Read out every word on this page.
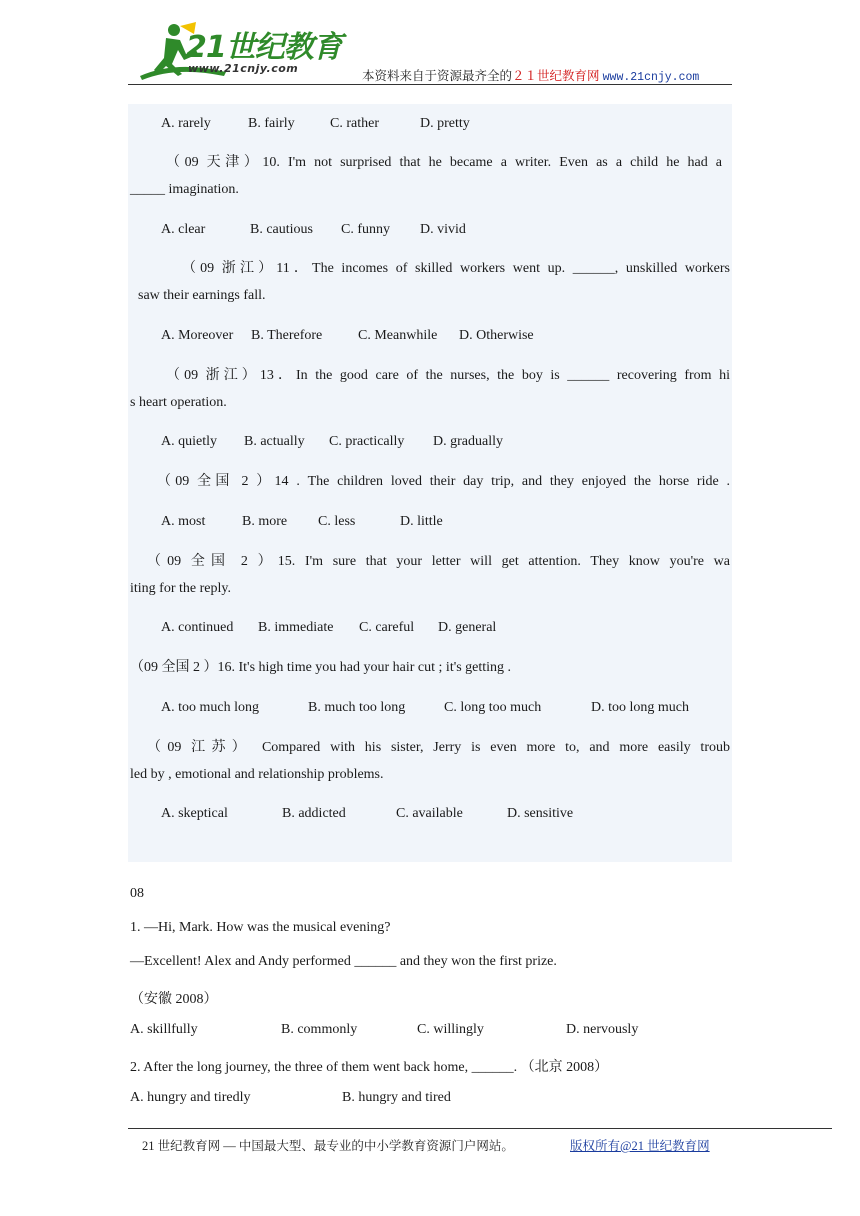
21世纪教育
www.21cnjy.com
本资料来自于资源最齐全的２１世纪教育网 www.21cnjy.com
A. rarely	B. fairly	C. rather	D. pretty
（09 天津）10. I'm not surprised that he became a writer. Even as a child he had a
_____ imagination.
A. clear	B. cautious C. funny D. vivid
（09 浙江）11．The incomes of skilled workers went up. ______, unskilled workers
saw their earnings fall.
A. Moreover B. Therefore	C. Meanwhile D. Otherwise
（09 浙江）13．In the good care of the nurses, the boy is ______ recovering from hi
s heart operation.
A. quietly B. actually C. practically D. gradually
（09 全国 2 ）14 . The children loved their day trip, and they enjoyed the horse ride .
A. most	B. more C. less	D. little
（09 全国 2 ）15. I'm sure that your letter will get attention. They know you're wa
iting for the reply.
A. continued B. immediate C. careful D. general
（09 全国 2 ）16. It's high time you had your hair cut ; it's getting .
A. too much long	B. much too long	C. long too much	D. too long much
（09 江苏） Compared with his sister, Jerry is even more to, and more easily troub
led by , emotional and relationship problems.
A. skeptical	B. addicted	C. available	D. sensitive
08
1. —Hi, Mark. How was the musical evening?
—Excellent! Alex and Andy performed ______ and they won the first prize.
（安徽 2008）
A. skillfully	B. commonly	C. willingly	D. nervously
2. After the long journey, the three of them went back home, ______. （北京 2008）
A. hungry and tiredly	B. hungry and tired
21 世纪教育网 — 中国最大型、最专业的中小学教育资源门户网站。	版权所有@21 世纪教育网
